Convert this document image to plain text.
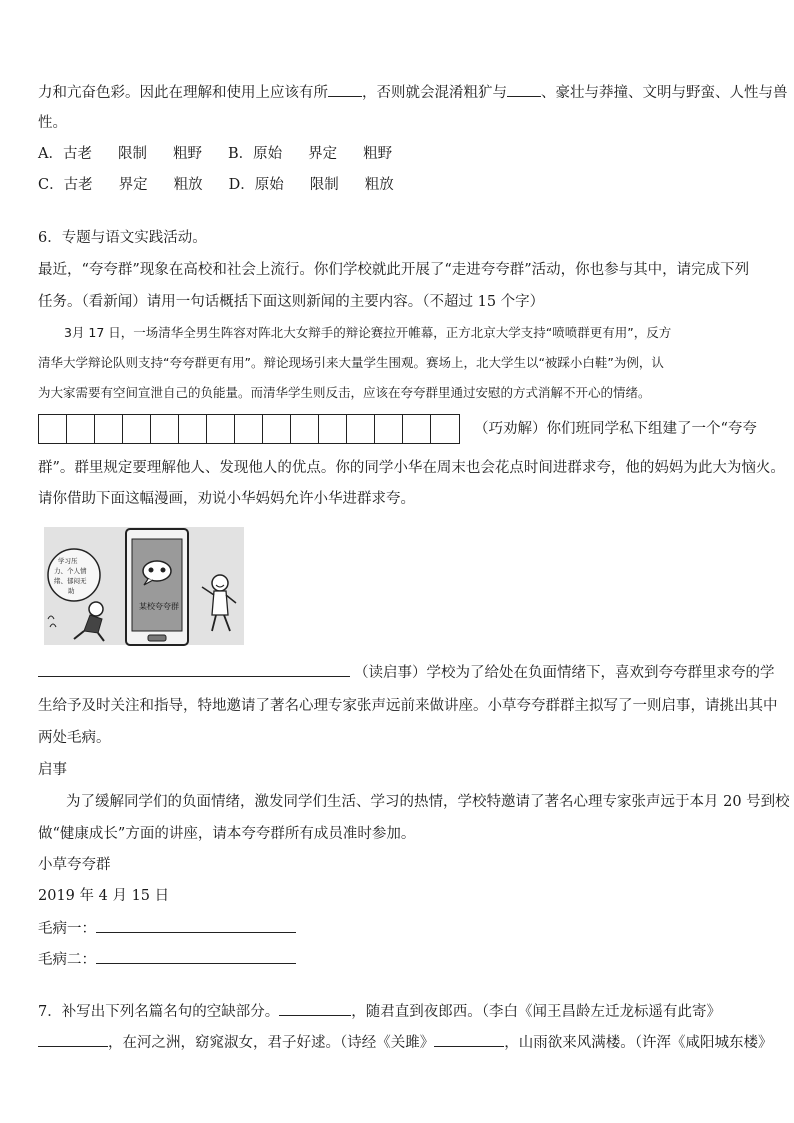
力和亢奋色彩。因此在理解和使用上应该有所 ，否则就会混淆粗犷与 、豪壮与莽撞、文明与野蛮、人性与兽
性。
A．古老 限制 粗野 B．原始 界定 粗野
C．古老 界定 粗放 D．原始 限制 粗放
6．专题与语文实践活动。
最近，“夸夸群”现象在高校和社会上流行。你们学校就此开展了“走进夸夸群”活动，你也参与其中，请完成下列
任务。（看新闻）请用一句话概括下面这则新闻的主要内容。（不超过 15 个字）
3月 17 日，一场清华全男生阵容对阵北大女辩手的辩论赛拉开帷幕，正方北京大学支持“喷喷群更有用”，反方
清华大学辩论队则支持“夸夸群更有用”。辩论现场引来大量学生围观。赛场上，北大学生以“被踩小白鞋”为例，认
为大家需要有空间宣泄自己的负能量。而清华学生则反击，应该在夸夸群里通过安慰的方式消解不开心的情绪。
（巧劝解）你们班同学私下组建了一个“夸夸
群”。群里规定要理解他人、发现他人的优点。你的同学小华在周末也会花点时间进群求夸，他的妈妈为此大为恼火。
请你借助下面这幅漫画，劝说小华妈妈允许小华进群求夸。
某校夸夸群
学习压
力、个人情
绪、郁闷无
助
（读启事）学校为了给处在负面情绪下，喜欢到夸夸群里求夸的学
生给予及时关注和指导，特地邀请了著名心理专家张声远前来做讲座。小草夸夸群群主拟写了一则启事，请挑出其中
两处毛病。
启事
为了缓解同学们的负面情绪，激发同学们生活、学习的热情，学校特邀请了著名心理专家张声远于本月 20 号到校
做“健康成长”方面的讲座，请本夸夸群所有成员准时参加。
小草夸夸群
2019 年 4 月 15 日
毛病一：
毛病二：
7．补写出下列名篇名句的空缺部分。	，随君直到夜郎西。（李白《闻王昌龄左迁龙标遥有此寄》
，在河之洲，窈窕淑女，君子好逑。（诗经《关雎》	，山雨欲来风满楼。（许浑《咸阳城东楼》
